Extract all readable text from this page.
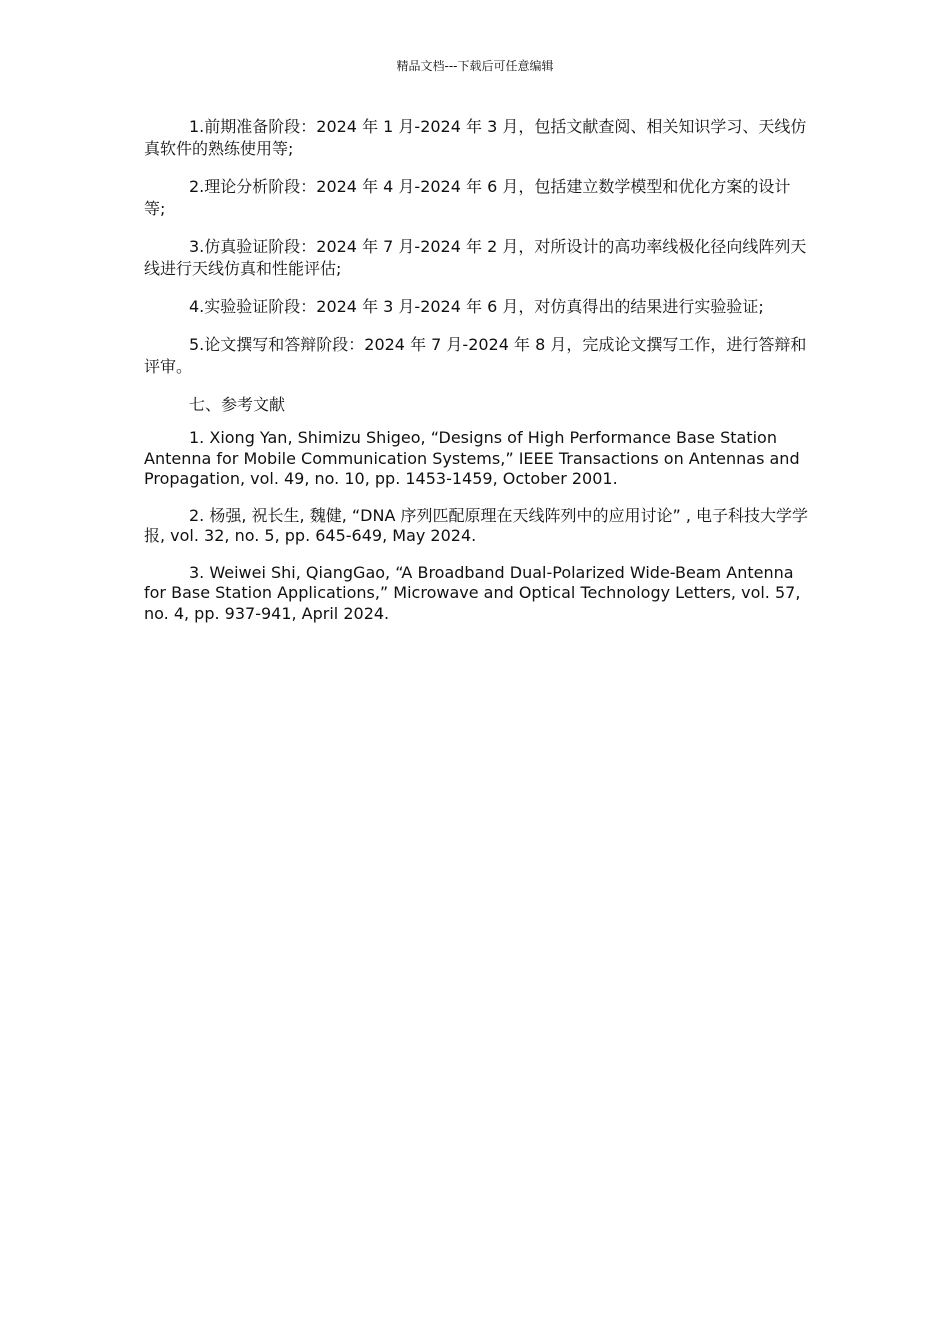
精品文档---下载后可任意编辑

1.前期准备阶段：2024 年 1 月-2024 年 3 月，包括文献查阅、相关知识学习、天线仿真软件的熟练使用等;

2.理论分析阶段：2024 年 4 月-2024 年 6 月，包括建立数学模型和优化方案的设计等;

3.仿真验证阶段：2024 年 7 月-2024 年 2 月，对所设计的高功率线极化径向线阵列天线进行天线仿真和性能评估;

4.实验验证阶段：2024 年 3 月-2024 年 6 月，对仿真得出的结果进行实验验证;

5.论文撰写和答辩阶段：2024 年 7 月-2024 年 8 月，完成论文撰写工作，进行答辩和评审。

七、参考文献

1. Xiong Yan, Shimizu Shigeo, “Designs of High Performance Base Station Antenna for Mobile Communication Systems,” IEEE Transactions on Antennas and Propagation, vol. 49, no. 10, pp. 1453-1459, October 2001.

2. 杨强, 祝长生, 魏健, “DNA 序列匹配原理在天线阵列中的应用讨论” , 电子科技大学学报, vol. 32, no. 5, pp. 645-649, May 2024.

3. Weiwei Shi, QiangGao, “A Broadband Dual-Polarized Wide-Beam Antenna for Base Station Applications,” Microwave and Optical Technology Letters, vol. 57, no. 4, pp. 937-941, April 2024.
